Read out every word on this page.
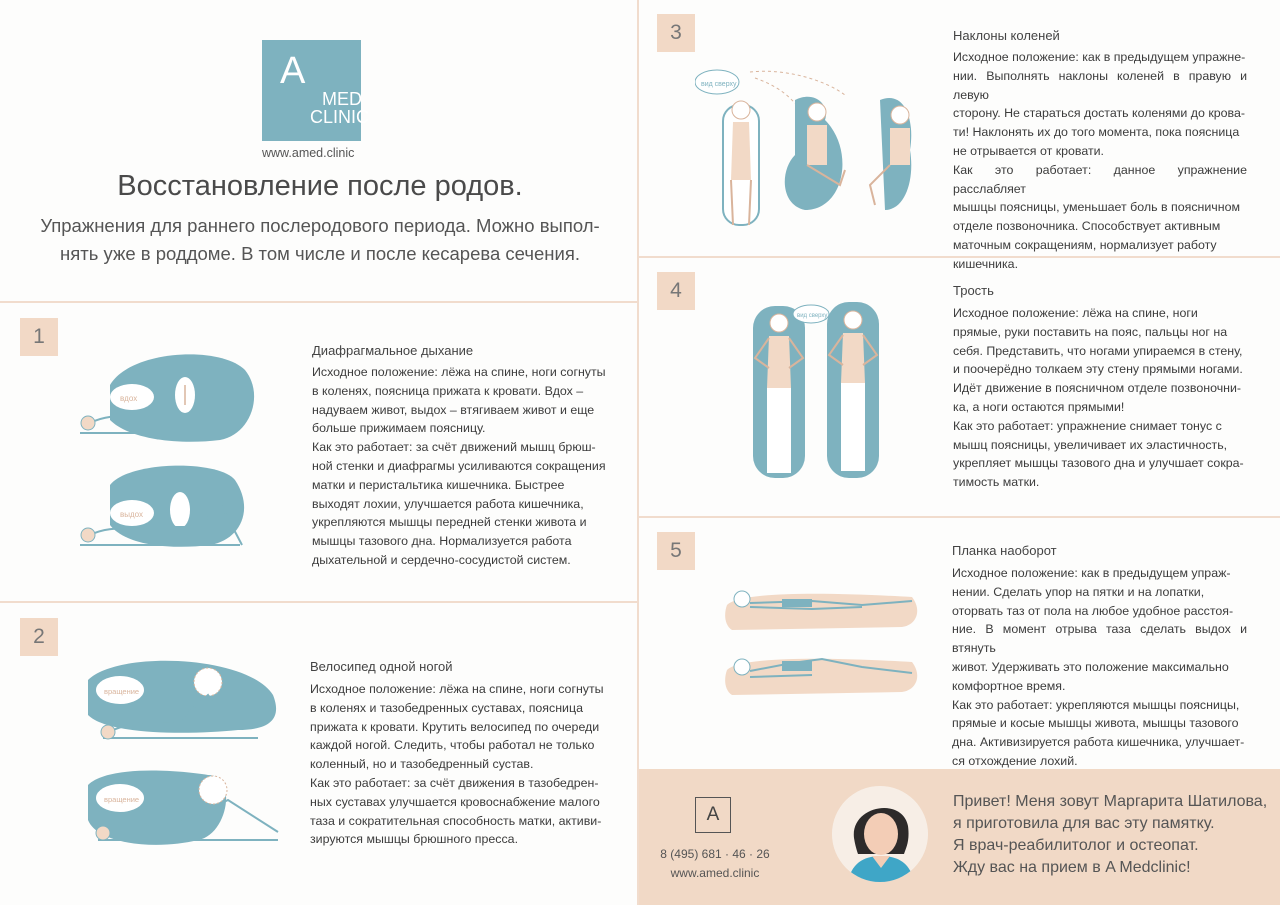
A
MED
CLINIC
www.amed.clinic
Восстановление после родов.
Упражнения для раннего послеродового периода. Можно выпол-
нять уже в роддоме. В том числе и после кесарева сечения.
1
вдох
выдох
Диафрагмальное дыхание
Исходное положение: лёжа на спине, ноги согнуты
в коленях, поясница прижата к кровати. Вдох –
надуваем живот, выдох – втягиваем живот и еще
больше прижимаем поясницу.
Как это работает: за счёт движений мышц брюш-
ной стенки и диафрагмы усиливаются сокращения
матки и перистальтика кишечника. Быстрее
выходят лохии, улучшается работа кишечника,
укрепляются мышцы передней стенки живота и
мышцы тазового дна. Нормализуется работа
дыхательной и сердечно-сосудистой систем.
2
вращение
вращение
Велосипед одной ногой
Исходное положение: лёжа на спине, ноги согнуты
в коленях и тазобедренных суставах, поясница
прижата к кровати. Крутить велосипед по очереди
каждой ногой. Следить, чтобы работал не только
коленный, но и тазобедренный сустав.
Как это работает: за счёт движения в тазобедрен-
ных суставах улучшается кровоснабжение малого
таза и сократительная способность матки, активи-
зируются мышцы брюшного пресса.
3
вид сверху
Наклоны коленей
Исходное положение: как в предыдущем упражне-
нии. Выполнять наклоны коленей в правую и левую
сторону. Не стараться достать коленями до крова-
ти! Наклонять их до того момента, пока поясница
не отрывается от кровати.
Как это работает: данное упражнение расслабляет
мышцы поясницы, уменьшает боль в поясничном
отделе позвоночника. Способствует активным
маточным сокращениям, нормализует работу
кишечника.
4
вид сверху
Трость
Исходное положение: лёжа на спине, ноги
прямые, руки поставить на пояс, пальцы ног на
себя. Представить, что ногами упираемся в стену,
и поочерёдно толкаем эту стену прямыми ногами.
Идёт движение в поясничном отделе позвоночни-
ка, а ноги остаются прямыми!
Как это работает: упражнение снимает тонус с
мышц поясницы, увеличивает их эластичность,
укрепляет мышцы тазового дна и улучшает сокра-
тимость матки.
5	Планка наоборот
Исходное положение: как в предыдущем упраж-
нении. Сделать упор на пятки и на лопатки,
оторвать таз от пола на любое удобное расстоя-
ние. В момент отрыва таза сделать выдох и втянуть
живот. Удерживать это положение максимально
комфортное время.
Как это работает: укрепляются мышцы поясницы,
прямые и косые мышцы живота, мышцы тазового
дна. Активизируется работа кишечника, улучшает-
ся отхождение лохий.
A
8 (495) 681 · 46 · 26
www.amed.clinic
Привет! Меня зовут Маргарита Шатилова,
я приготовила для вас эту памятку.
Я врач-реабилитолог и остеопат.
Жду вас на прием в A Medclinic!
